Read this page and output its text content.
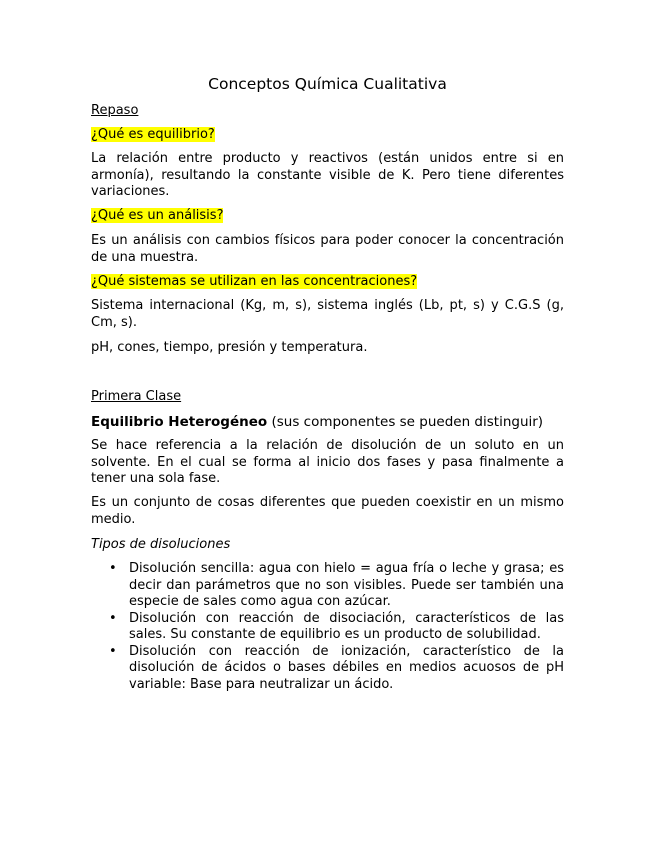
Conceptos Química Cualitativa

Repaso

¿Qué es equilibrio?

La relación entre producto y reactivos (están unidos entre si en armonía), resultando la constante visible de K. Pero tiene diferentes variaciones.

¿Qué es un análisis?

Es un análisis con cambios físicos para poder conocer la concentración de una muestra.

¿Qué sistemas se utilizan en las concentraciones?

Sistema internacional (Kg, m, s), sistema inglés (Lb, pt, s) y C.G.S (g, Cm, s).

pH, cones, tiempo, presión y temperatura.

Primera Clase

Equilibrio Heterogéneo (sus componentes se pueden distinguir)

Se hace referencia a la relación de disolución de un soluto en un solvente. En el cual se forma al inicio dos fases y pasa finalmente a tener una sola fase.

Es un conjunto de cosas diferentes que pueden coexistir en un mismo medio.

Tipos de disoluciones

• Disolución sencilla: agua con hielo = agua fría o leche y grasa; es decir dan parámetros que no son visibles. Puede ser también una especie de sales como agua con azúcar.
• Disolución con reacción de disociación, característicos de las sales. Su constante de equilibrio es un producto de solubilidad.
• Disolución con reacción de ionización, característico de la disolución de ácidos o bases débiles en medios acuosos de pH variable: Base para neutralizar un ácido.
